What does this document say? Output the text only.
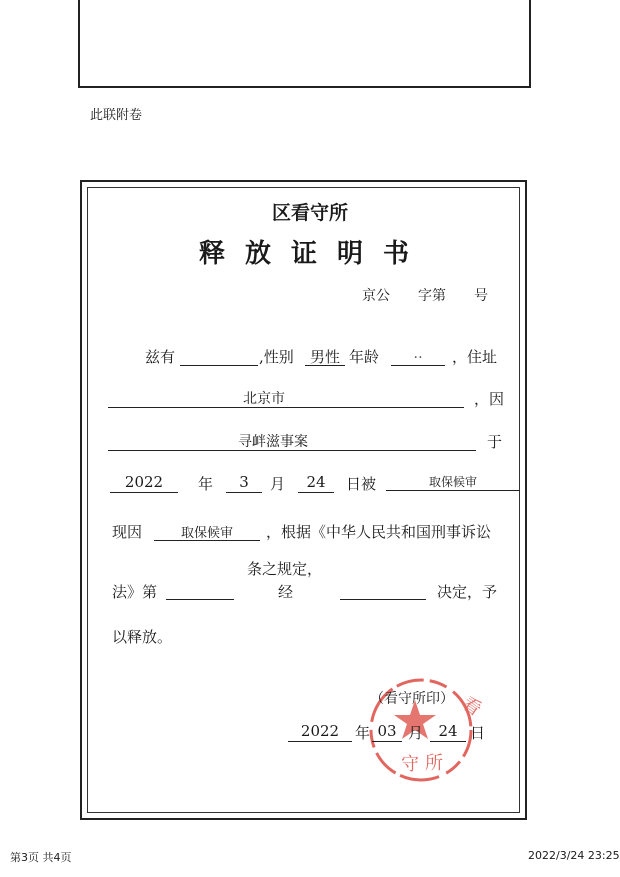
此联附卷
区看守所
释放证明书
京公　　字第　　号
兹有	,性别	男性 年龄	‥	，住址
北京市	，因
寻衅滋事案	于
2022	年	3	月	24	日被	取保候审
现因	取保候审	，根据《中华人民共和国刑事诉讼
条之规定，
法》第	经	决定，予
以释放。
看
守 所
（看守所印）
2022	年 03 月	24 日
第3页 共4页	2022/3/24 23:25
